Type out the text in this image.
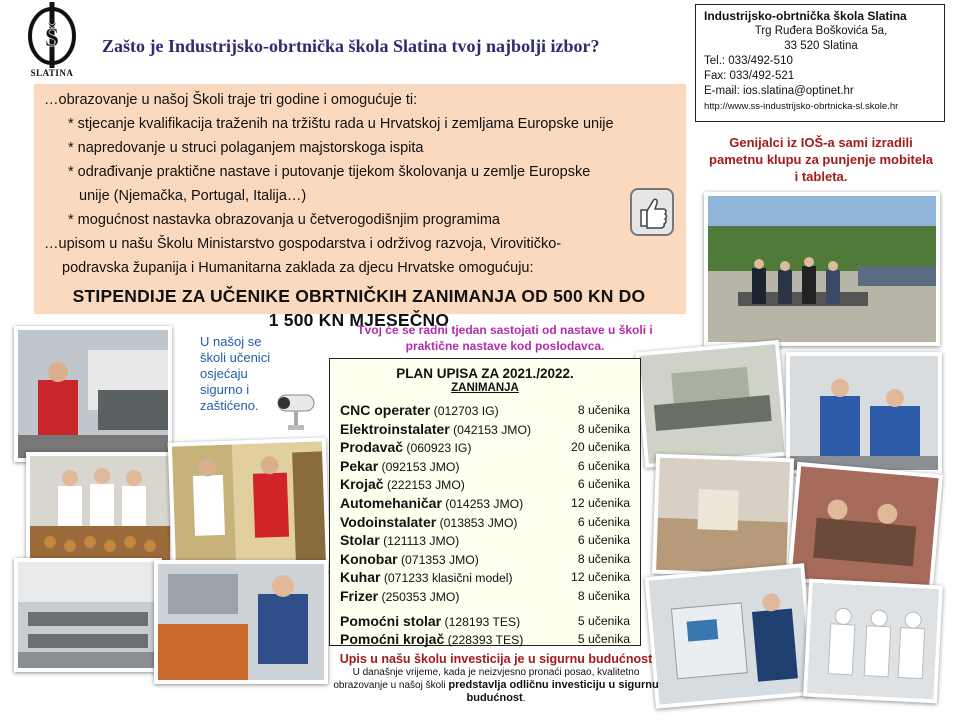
Š
SLATINA
Zašto je Industrijsko-obrtnička škola Slatina tvoj najbolji izbor?
Industrijsko-obrtnička škola Slatina
Trg Ruđera Boškovića 5a,
33 520 Slatina
Tel.: 033/492-510
Fax: 033/492-521
E-mail: ios.slatina@optinet.hr
http://www.ss-industrijsko-obrtnicka-sl.skole.hr
…obrazovanje u našoj Školi traje tri godine i omogućuje ti:
* stjecanje kvalifikacija traženih na tržištu rada u Hrvatskoj i zemljama Europske unije
* napredovanje u struci polaganjem majstorskoga ispita
* odrađivanje praktične nastave i putovanje tijekom školovanja u zemlje Europske
unije (Njemačka, Portugal, Italija…)
* mogućnost nastavka obrazovanja u četverogodišnjim programima
…upisom u našu Školu Ministarstvo gospodarstva i održivog razvoja, Virovitičko-
podravska županija i Humanitarna zaklada za djecu Hrvatske omogućuju:
STIPENDIJE ZA UČENIKE OBRTNIČKIH ZANIMANJA OD 500 KN DO
1 500 KN MJESEČNO
Genijalci iz IOŠ-a sami izradili pametnu klupu za punjenje mobitela i tableta.
U našoj se školi učenici osjećaju sigurno i zaštićeno.
Tvoj će se radni tjedan sastojati od nastave u školi i praktične nastave kod poslodavca.
PLAN UPISA ZA 2021./2022.
ZANIMANJA
CNC operater (012703 IG)	8 učenika
Elektroinstalater (042153 JMO)	8 učenika
Prodavač (060923 IG)	20 učenika
Pekar (092153 JMO)	6 učenika
Krojač (222153 JMO)	6 učenika
Automehaničar (014253 JMO)	12 učenika
Vodoinstalater (013853 JMO)	6 učenika
Stolar (121113 JMO)	6 učenika
Konobar (071353 JMO)	8 učenika
Kuhar (071233 klasični model)	12 učenika
Frizer (250353 JMO)	8 učenika
Pomoćni stolar (128193 TES)	5 učenika
Pomoćni krojač (228393 TES)	5 učenika
Upis u našu školu investicija je u sigurnu budućnost
U današnje vrijeme, kada je neizvjesno pronaći posao, kvalitetno
obrazovanje u našoj školi predstavlja odličnu investiciju u sigurnu budućnost.
